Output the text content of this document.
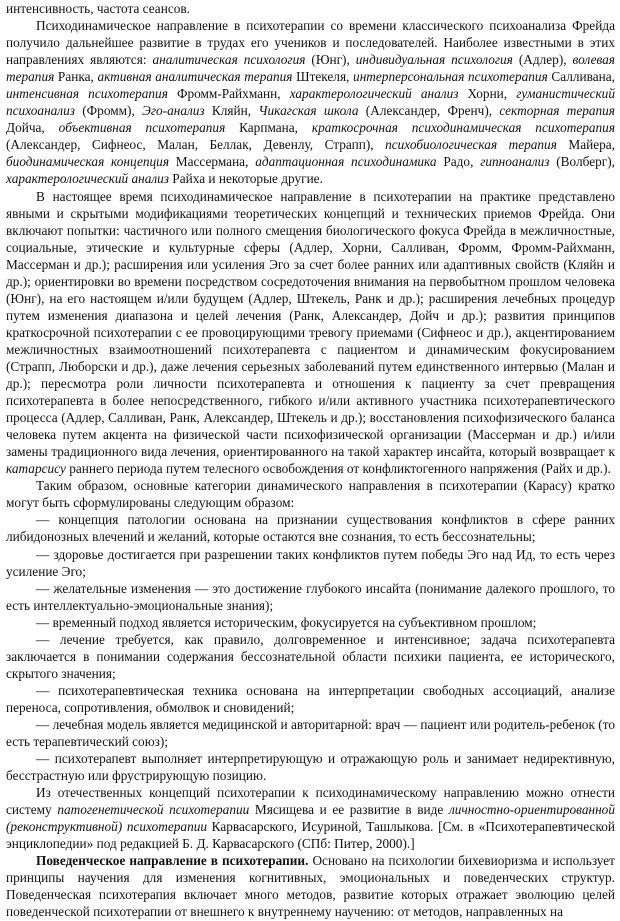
интенсивность, частота сеансов.

Психодинамическое направление в психотерапии со времени классического психоанализа Фрейда получило дальнейшее развитие в трудах его учеников и последователей. Наиболее известными в этих направлениях являются: аналитическая психология (Юнг), индивидуальная психология (Адлер), волевая терапия Ранка, активная аналитическая терапия Штекеля, интерперсональная психотерапия Салливана, интенсивная психотерапия Фромм-Райхманн, характерологический анализ Хорни, гуманистический психоанализ (Фромм), Эго-анализ Кляйн, Чикагская школа (Александер, Френч), секторная терапия Дойча, объективная психотерапия Карпмана, краткосрочная психодинамическая психотерапия (Александер, Сифнеос, Малан, Беллак, Девенлу, Страпп), психобиологическая терапия Майера, биодинамическая концепция Массермана, адаптационная психодинамика Радо, гипноанализ (Волберг), характерологический анализ Райха и некоторые другие.

В настоящее время психодинамическое направление в психотерапии на практике представлено явными и скрытыми модификациями теоретических концепций и технических приемов Фрейда. Они включают попытки: частичного или полного смещения биологического фокуса Фрейда в межличностные, социальные, этические и культурные сферы (Адлер, Хорни, Салливан, Фромм, Фромм-Райхманн, Массерман и др.); расширения или усиления Эго за счет более ранних или адаптивных свойств (Кляйн и др.); ориентировки во времени посредством сосредоточения внимания на первобытном прошлом человека (Юнг), на его настоящем и/или будущем (Адлер, Штекель, Ранк и др.); расширения лечебных процедур путем изменения диапазона и целей лечения (Ранк, Александер, Дойч и др.); развития принципов краткосрочной психотерапии с ее провоцирующими тревогу приемами (Сифнеос и др.), акцентированием межличностных взаимоотношений психотерапевта с пациентом и динамическим фокусированием (Страпп, Люборски и др.), даже лечения серьезных заболеваний путем единственного интервью (Малан и др.); пересмотра роли личности психотерапевта и отношения к пациенту за счет превращения психотерапевта в более непосредственного, гибкого и/или активного участника психотерапевтического процесса (Адлер, Салливан, Ранк, Александер, Штекель и др.); восстановления психофизического баланса человека путем акцента на физической части психофизической организации (Массерман и др.) и/или замены традиционного вида лечения, ориентированного на такой характер инсайта, который возвращает к катарсису раннего периода путем телесного освобождения от конфликтогенного напряжения (Райх и др.).

Таким образом, основные категории динамического направления в психотерапии (Карасу) кратко могут быть сформулированы следующим образом:

— концепция патологии основана на признании существования конфликтов в сфере ранних либидонозных влечений и желаний, которые остаются вне сознания, то есть бессознательны;

— здоровье достигается при разрешении таких конфликтов путем победы Эго над Ид, то есть через усиление Эго;

— желательные изменения — это достижение глубокого инсайта (понимание далекого прошлого, то есть интеллектуально-эмоциональные знания);

— временный подход является историческим, фокусируется на субъективном прошлом;

— лечение требуется, как правило, долговременное и интенсивное; задача психотерапевта заключается в понимании содержания бессознательной области психики пациента, ее исторического, скрытого значения;

— психотерапевтическая техника основана на интерпретации свободных ассоциаций, анализе переноса, сопротивления, обмолвок и сновидений;

— лечебная модель является медицинской и авторитарной: врач — пациент или родитель-ребенок (то есть терапевтический союз);

— психотерапевт выполняет интерпретирующую и отражающую роль и занимает недирективную, бесстрастную или фрустрирующую позицию.

Из отечественных концепций психотерапии к психодинамическому направлению можно отнести систему патогенетической психотерапии Мясищева и ее развитие в виде личностно-ориентированной (реконструктивной) психотерапии Карвасарского, Исуриной, Ташлыкова. [См. в «Психотерапевтической энциклопедии» под редакцией Б. Д. Карвасарского (СПб: Питер, 2000).]

Поведенческое направление в психотерапии. Основано на психологии бихевиоризма и использует принципы научения для изменения когнитивных, эмоциональных и поведенческих структур. Поведенческая психотерапия включает много методов, развитие которых отражает эволюцию целей поведенческой психотерапии от внешнего к внутреннему научению: от методов, направленных на
